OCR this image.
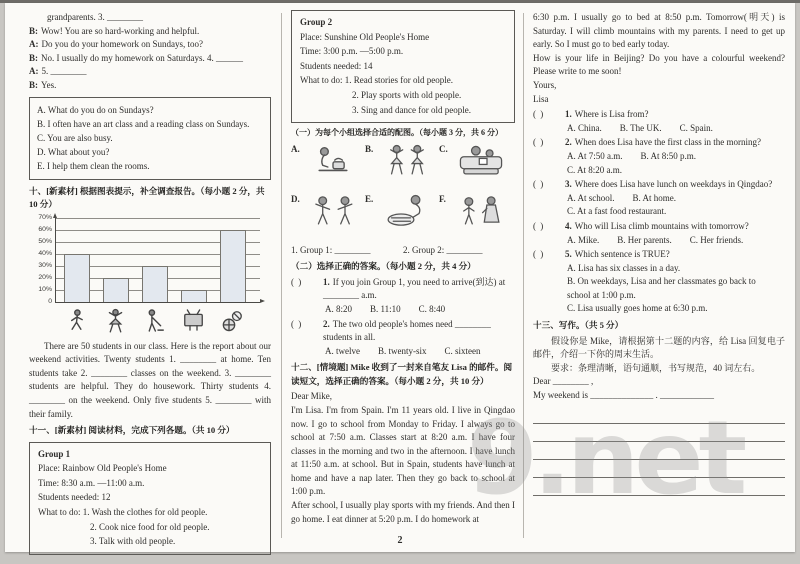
grandparents. 3. ________
B: Wow! You are so hard-working and helpful.
A: Do you do your homework on Sundays, too?
B: No. I usually do my homework on Saturdays. 4. ______
A: 5. ________
B: Yes.
A. What do you do on Sundays?
B. I often have an art class and a reading class on Sundays.
C. You are also busy.
D. What about you?
E. I help them clean the rooms.
十、[新素材] 根据图表提示，补全调查报告。（每小题 2 分，共 10 分）
0
10%
20%
30%
40%
50%
60%
70%
There are 50 students in our class. Here is the report about our weekend activities. Twenty students 1. ________ at home. Ten students take 2. ________ classes on the weekend. 3. ________ students are helpful. They do housework. Thirty students 4. ________ on the weekend. Only five students 5. ________ with their family.
十一、[新素材] 阅读材料，完成下列各题。（共 10 分）
Group 1
Place: Rainbow Old People's Home
Time: 8:30 a.m. —11:00 a.m.
Students needed: 12
What to do: 1. Wash the clothes for old people.
2. Cook nice food for old people.
3. Talk with old people.
Group 2
Place: Sunshine Old People's Home
Time: 3:00 p.m. —5:00 p.m.
Students needed: 14
What to do: 1. Read stories for old people.
2. Play sports with old people.
3. Sing and dance for old people.
（一）为每个小组选择合适的配图。（每小题 3 分，共 6 分）
A.	B.	C.
D.	E.	F.
1. Group 1: ________	2. Group 2: ________
（二）选择正确的答案。（每小题 2 分，共 4 分）
( ) 1. If you join Group 1, you need to arrive(到达) at ________ a.m.
A. 8:20 B. 11:10 C. 8:40
( ) 2. The two old people's homes need ________ students in all.
A. twelve B. twenty-six C. sixteen
十二、[情境题] Mike 收到了一封来自笔友 Lisa 的邮件。阅读短文，选择正确的答案。（每小题 2 分，共 10 分）
Dear Mike,
I'm Lisa. I'm from Spain. I'm 11 years old. I live in Qingdao now. I go to school from Monday to Friday. I always go to school at 7:50 a.m. Classes start at 8:20 a.m. I have four classes in the morning and two in the afternoon. I have lunch at 11:50 a.m. at school. But in Spain, students have lunch at home and have a nap later. Then they go back to school at 1:00 p.m.
After school, I usually play sports with my friends. And then I go home. I eat dinner at 5:20 p.m. I do homework at
6:30 p.m. I usually go to bed at 8:50 p.m. Tomorrow(明天) is Saturday. I will climb mountains with my parents. I need to get up early. So I must go to bed early today.
How is your life in Beijing? Do you have a colourful weekend? Please write to me soon!
Yours,
Lisa
( ) 1. Where is Lisa from?
A. China. B. The UK. C. Spain.
( ) 2. When does Lisa have the first class in the morning?
A. At 7:50 a.m. B. At 8:50 p.m.C. At 8:20 a.m.
( ) 3. Where does Lisa have lunch on weekdays in Qingdao?
A. At school. B. At home.C. At a fast food restaurant.
( ) 4. Who will Lisa climb mountains with tomorrow?
A. Mike. B. Her parents. C. Her friends.
( ) 5. Which sentence is TRUE?
A. Lisa has six classes in a day.B. On weekdays, Lisa and her classmates go back to school at 1:00 p.m.C. Lisa usually goes home at 6:30 p.m.
十三、写作。（共 5 分）
假设你是 Mike，请根据第十二题的内容，给 Lisa 回复电子邮件，介绍一下你的周末生活。
要求：条理清晰，语句通顺，书写规范，40 词左右。
Dear ________ ,
My weekend is ______________ . ____________
2
9.net
